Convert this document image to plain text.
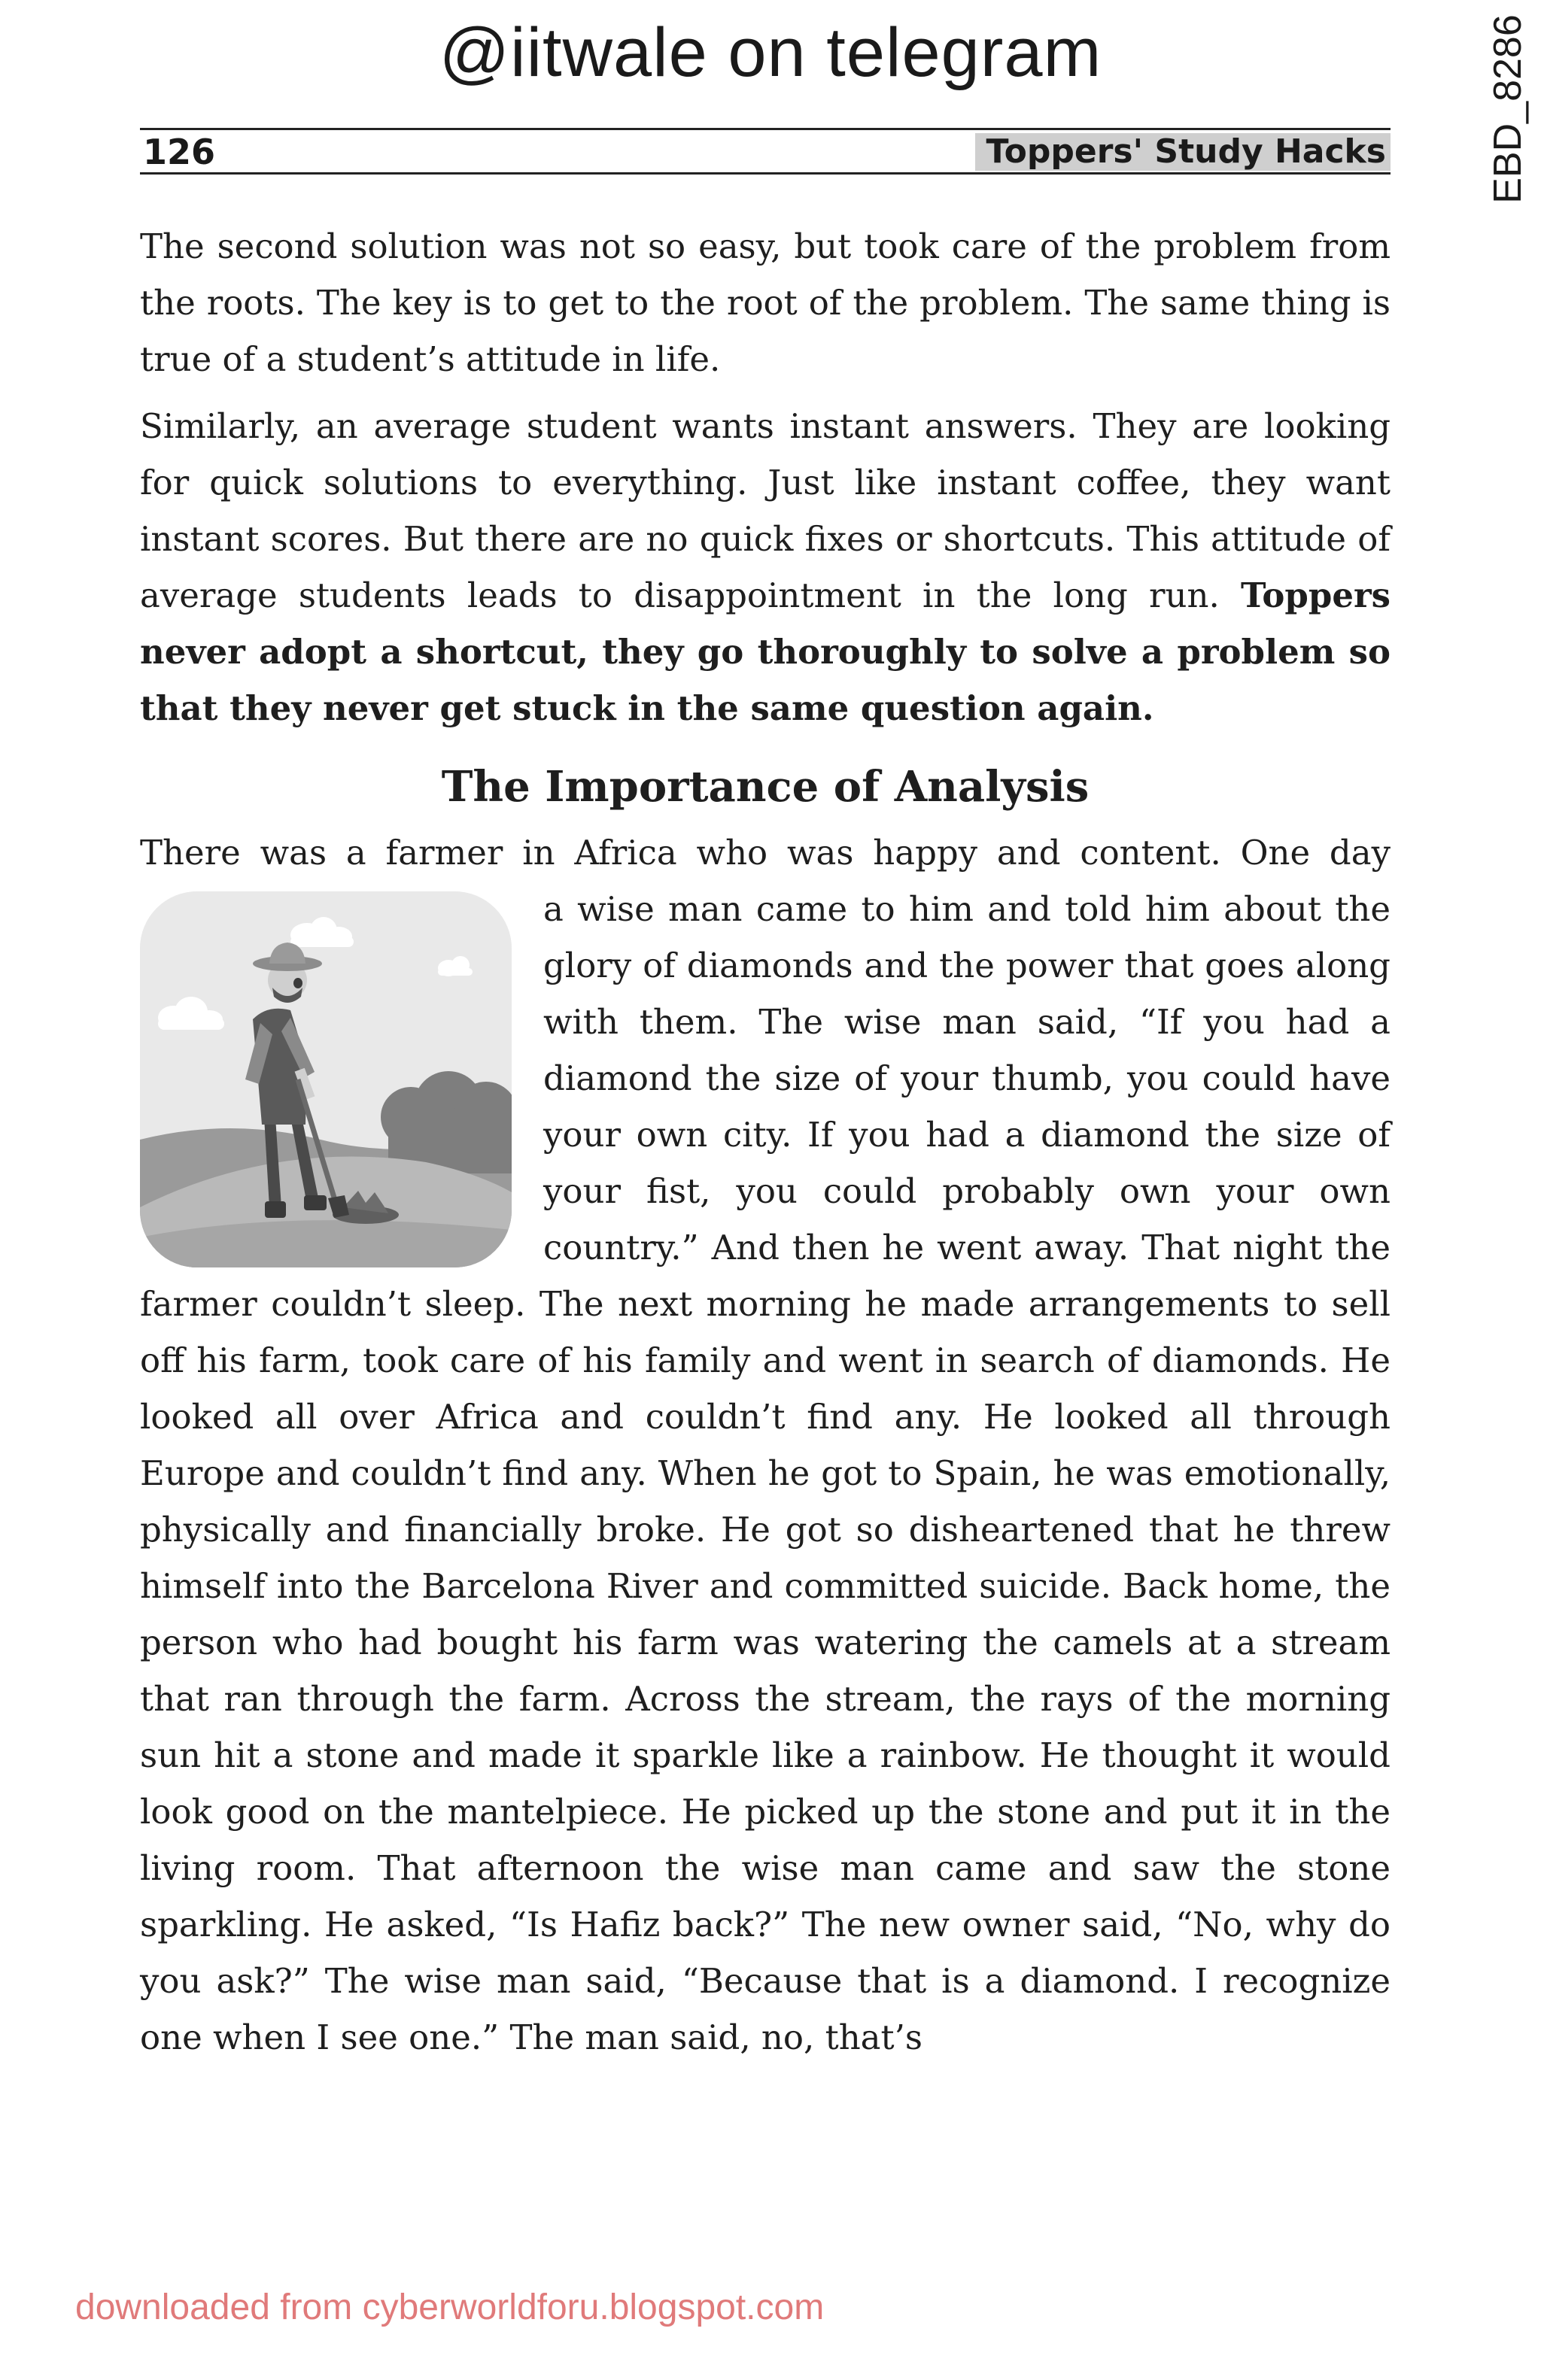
@iitwale on telegram	EBD_8286
126	Toppers' Study Hacks

The second solution was not so easy, but took care of the problem from the roots. The key is to get to the root of the problem. The same thing is true of a student’s attitude in life.

Similarly, an average student wants instant answers. They are looking for quick solutions to everything. Just like instant coffee, they want instant scores. But there are no quick fixes or shortcuts. This attitude of average students leads to disappointment in the long run. Toppers never adopt a shortcut, they go thoroughly to solve a problem so that they never get stuck in the same question again.

The Importance of Analysis

There was a farmer in Africa who was happy and content. One day

a wise man came to him and told him about the glory of diamonds and the power that goes along with them. The wise man said, “If you had a diamond the size of your thumb, you could have your own city. If you had a diamond the size of your fist, you could probably own your own country.” And then he went away. That night the farmer couldn’t sleep. The next morning he made arrangements to sell off his farm, took care of his family and went in search of diamonds. He looked all over Africa and couldn’t find any. He looked all through Europe and couldn’t find any. When he got to Spain, he was emotionally, physically and financially broke. He got so disheartened that he threw himself into the Barcelona River and committed suicide. Back home, the person who had bought his farm was watering the camels at a stream that ran through the farm. Across the stream, the rays of the morning sun hit a stone and made it sparkle like a rainbow. He thought it would look good on the mantelpiece. He picked up the stone and put it in the living room. That afternoon the wise man came and saw the stone sparkling. He asked, “Is Hafiz back?” The new owner said, “No, why do you ask?” The wise man said, “Because that is a diamond. I recognize one when I see one.” The man said, no, that’s

downloaded from cyberworldforu.blogspot.com
